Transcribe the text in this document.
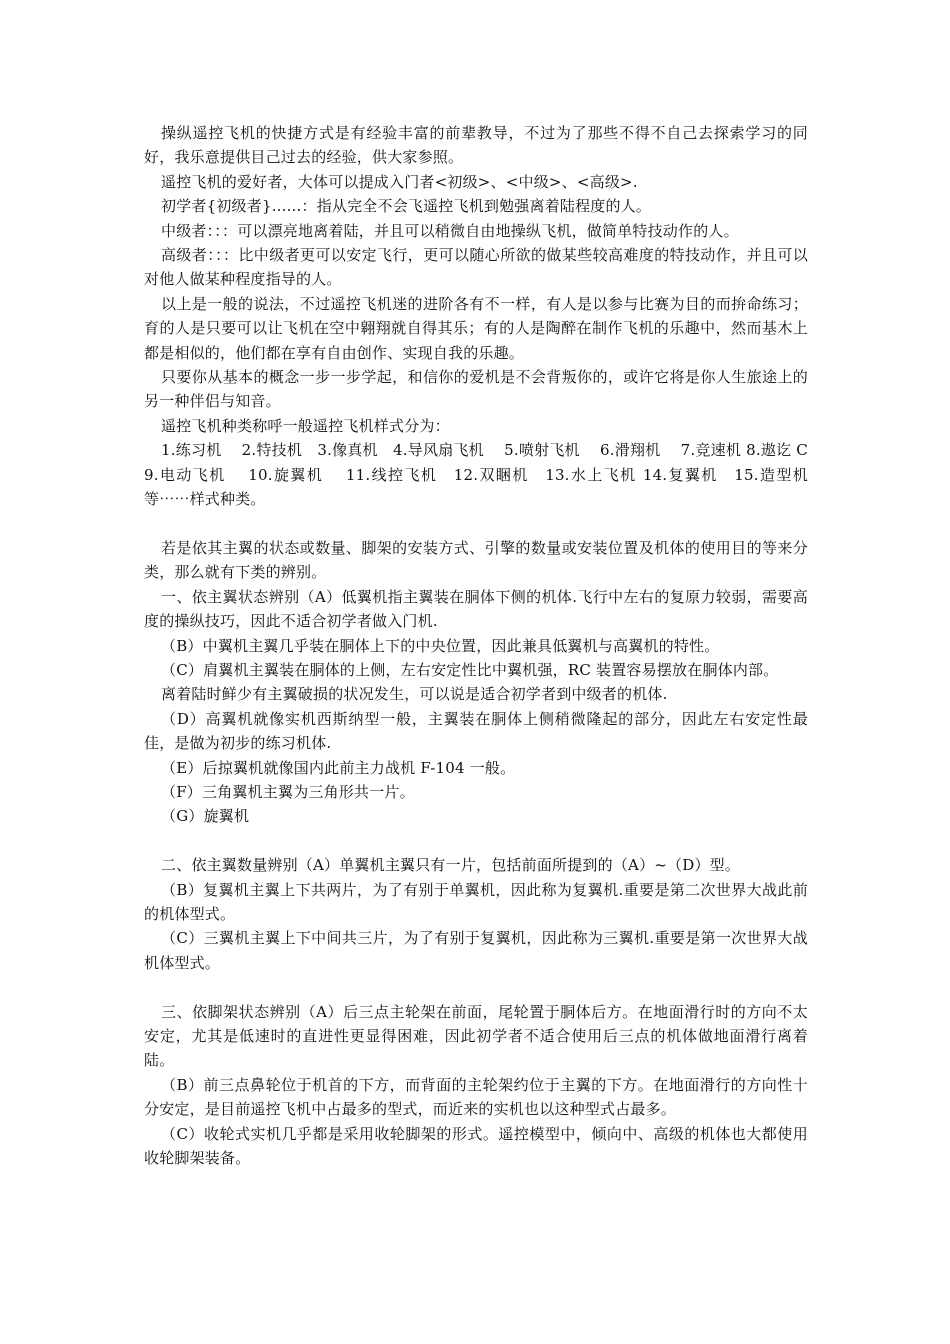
操纵遥控飞机的快捷方式是有经验丰富的前辈教导，不过为了那些不得不自己去探索学习的同好，我乐意提供目己过去的经验，供大家参照。

遥控飞机的爱好者，大体可以提成入门者<初级>、<中级>、<高级>.

初学者{初级者}......：指从完全不会飞遥控飞机到勉强离着陆程度的人。

中级者：：：可以漂亮地离着陆，并且可以稍微自由地操纵飞机，做简单特技动作的人。

高级者：：：比中级者更可以安定飞行，更可以随心所欲的做某些较高难度的特技动作，并且可以对他人做某种程度指导的人。

以上是一般的说法，不过遥控飞机迷的进阶各有不一样，有人是以参与比赛为目的而拚命练习；育的人是只要可以让飞机在空中翱翔就自得其乐；有的人是陶醉在制作飞机的乐趣中，然而基木上都是相似的，他们都在享有自由创作、实现自我的乐趣。

只要你从基本的概念一步一步学起，和信你的爱机是不会背叛你的，或许它将是你人生旅途上的另一种伴侣与知音。

遥控飞机种类称呼一般遥控飞机样式分为：

1.练习机　 2.特技机　3.像真机　4.导风扇飞机　 5.喷射飞机　 6.滑翔机　 7.竞速机 8.遨讫 C　9.电动飞机　 10.旋翼机　 11.线控飞机　12.双睏机　13.水上飞机 14.复翼机　15.造型机 等⋯⋯样式种类。

若是依其主翼的状态或数量、脚架的安装方式、引擎的数量或安装位置及机体的使用目的等来分类，那么就有下类的辨别。

一、依主翼状态辨别（A）低翼机指主翼装在胴体下侧的机体.飞行中左右的复原力较弱，需要高度的操纵技巧，因此不适合初学者做入门机.

（B）中翼机主翼几乎装在胴体上下的中央位置，因此兼具低翼机与高翼机的特性。

（C）肩翼机主翼装在胴体的上侧，左右安定性比中翼机强，RC 装置容易摆放在胴体内部。

离着陆时鲜少有主翼破损的状况发生，可以说是适合初学者到中级者的机体.

（D）高翼机就像实机西斯纳型一般，主翼装在胴体上侧稍微隆起的部分，因此左右安定性最佳，是做为初步的练习机体.

（E）后掠翼机就像国内此前主力战机 F-104 一般。

（F）三角翼机主翼为三角形共一片。

（G）旋翼机

二、依主翼数量辨别（A）单翼机主翼只有一片，包括前面所提到的（A）~（D）型。

（B）复翼机主翼上下共两片，为了有别于单翼机，因此称为复翼机.重要是第二次世界大战此前的机体型式。

（C）三翼机主翼上下中间共三片，为了有别于复翼机，因此称为三翼机.重要是第一次世界大战机体型式。

三、依脚架状态辨别（A）后三点主轮架在前面，尾轮置于胴体后方。在地面滑行时的方向不太安定，尤其是低速时的直进性更显得困难，因此初学者不适合使用后三点的机体做地面滑行离着陆。

（B）前三点鼻轮位于机首的下方，而背面的主轮架约位于主翼的下方。在地面滑行的方向性十分安定，是目前遥控飞机中占最多的型式，而近来的实机也以这种型式占最多。

（C）收轮式实机几乎都是采用收轮脚架的形式。遥控模型中，倾向中、高级的机体也大都使用收轮脚架装备。
